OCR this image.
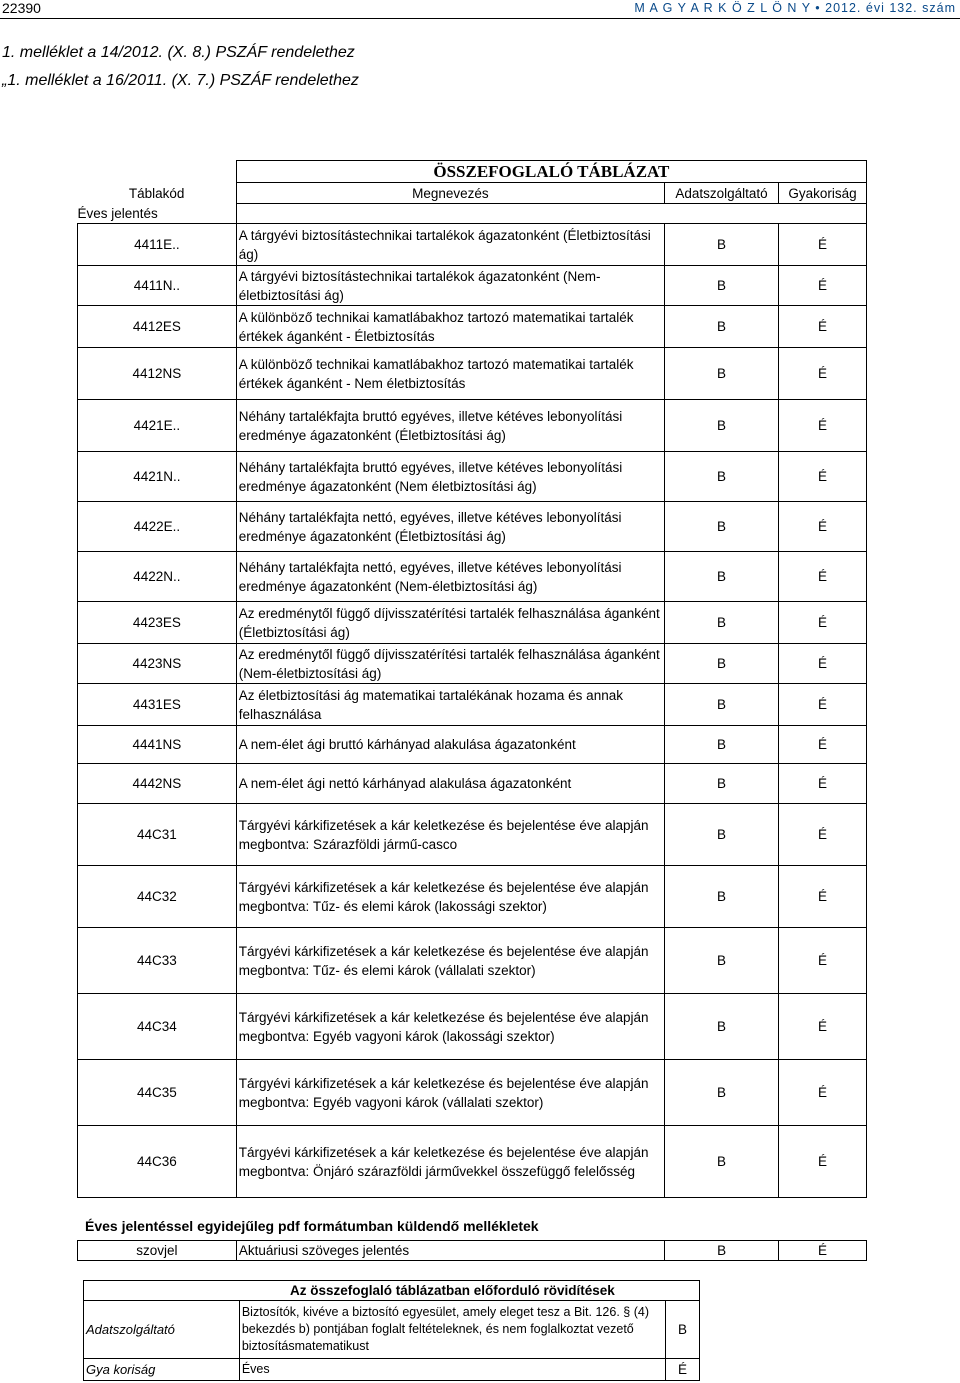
22390	M A G Y A R K Ö Z L Ö N Y • 2012. évi 132. szám
1. melléklet a 14/2012. (X. 8.) PSZÁF rendelethez
„1. melléklet a 16/2011. (X. 7.) PSZÁF rendelethez
	ÖSSZEFOGLALÓ TÁBLÁZAT		
Táblakód	Megnevezés	Adatszolgáltató	Gyakoriság
Éves jelentés			
4411E..	A tárgyévi biztosítástechnikai tartalékok ágazatonként (Életbiztosítási ág)	B	É
4411N..	A tárgyévi biztosítástechnikai tartalékok ágazatonként (Nem-életbiztosítási ág)	B	É
4412ES	A különböző technikai kamatlábakhoz tartozó matematikai tartalék értékek áganként - Életbiztosítás	B	É
4412NS	A különböző technikai kamatlábakhoz tartozó matematikai tartalék értékek áganként - Nem életbiztosítás	B	É
4421E..	Néhány tartalékfajta bruttó egyéves, illetve kétéves lebonyolítási eredménye ágazatonként (Életbiztosítási ág)	B	É
4421N..	Néhány tartalékfajta bruttó egyéves, illetve kétéves lebonyolítási eredménye ágazatonként (Nem életbiztosítási ág)	B	É
4422E..	Néhány tartalékfajta nettó, egyéves, illetve kétéves lebonyolítási eredménye ágazatonként (Életbiztosítási ág)	B	É
4422N..	Néhány tartalékfajta nettó, egyéves, illetve kétéves lebonyolítási eredménye ágazatonként (Nem-életbiztosítási ág)	B	É
4423ES	Az eredménytől függő díjvisszatérítési tartalék felhasználása áganként (Életbiztosítási ág)	B	É
4423NS	Az eredménytől függő díjvisszatérítési tartalék felhasználása áganként (Nem-életbiztosítási ág)	B	É
4431ES	Az életbiztosítási ág matematikai tartalékának hozama és annak felhasználása	B	É
4441NS	A nem-élet ági bruttó kárhányad alakulása ágazatonként	B	É
4442NS	A nem-élet ági nettó kárhányad alakulása ágazatonként	B	É
44C31	Tárgyévi kárkifizetések a kár keletkezése és bejelentése éve alapján megbontva: Szárazföldi jármű-casco	B	É
44C32	Tárgyévi kárkifizetések a kár keletkezése és bejelentése éve alapján megbontva: Tűz- és elemi károk (lakossági szektor)	B	É
44C33	Tárgyévi kárkifizetések a kár keletkezése és bejelentése éve alapján megbontva: Tűz- és elemi károk (vállalati szektor)	B	É
44C34	Tárgyévi kárkifizetések a kár keletkezése és bejelentése éve alapján megbontva: Egyéb vagyoni károk (lakossági szektor)	B	É
44C35	Tárgyévi kárkifizetések a kár keletkezése és bejelentése éve alapján megbontva: Egyéb vagyoni károk (vállalati szektor)	B	É
44C36	Tárgyévi kárkifizetések a kár keletkezése és bejelentése éve alapján megbontva: Önjáró szárazföldi járművekkel összefüggő felelősség	B	É
Éves jelentéssel egyidejűleg pdf formátumban küldendő mellékletek
szovjel	Aktuáriusi szöveges jelentés	B	É
	Az összefoglaló táblázatban előforduló rövidítések	
Adatszolgáltató	Biztosítók, kivéve a biztosító egyesület, amely eleget tesz a Bit. 126. § (4) bekezdés b) pontjában foglalt feltételeknek, és nem foglalkoztat vezető biztosításmatematikust	B
Gya koriság	Éves	É
